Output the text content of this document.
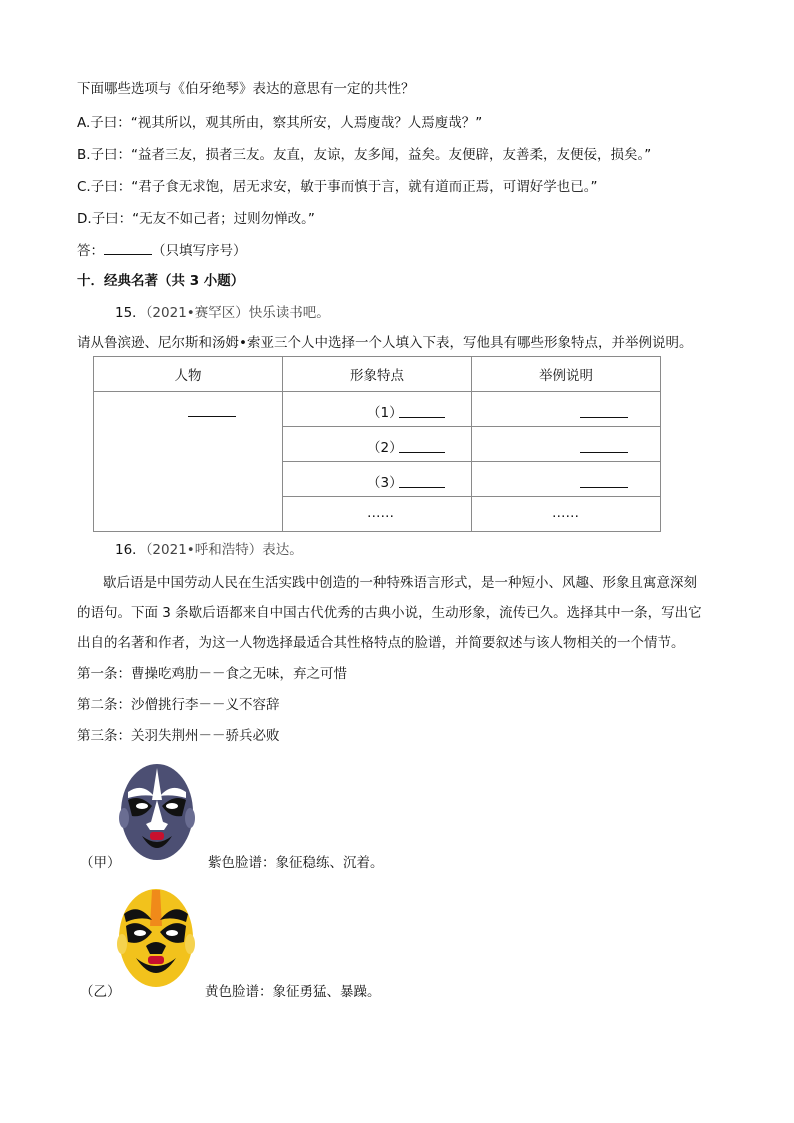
下面哪些选项与《伯牙绝琴》表达的意思有一定的共性？
A.子曰：“视其所以，观其所由，察其所安，人焉廋哉？人焉廋哉？”
B.子曰：“益者三友，损者三友。友直，友谅，友多闻，益矣。友便辟，友善柔，友便佞，损矣。”
C.子曰：“君子食无求饱，居无求安，敏于事而慎于言，就有道而正焉，可谓好学也已。”
D.子曰：“无友不如己者；过则勿惮改。”
答：	（只填写序号）
十．经典名著（共 3 小题）
15．（2021•赛罕区）快乐读书吧。
请从鲁滨逊、尼尔斯和汤姆•索亚三个人中选择一个人填入下表，写他具有哪些形象特点，并举例说明。
人物	形象特点	举例说明

	（1）	

	（2）	

	（3）	

	……	……
16．（2021•呼和浩特）表达。
歇后语是中国劳动人民在生活实践中创造的一种特殊语言形式，是一种短小、风趣、形象且寓意深刻
的语句。下面 3 条歇后语都来自中国古代优秀的古典小说，生动形象，流传已久。选择其中一条，写出它
出自的名著和作者，为这一人物选择最适合其性格特点的脸谱，并简要叙述与该人物相关的一个情节。
第一条：曹操吃鸡肋－－食之无味，弃之可惜
第二条：沙僧挑行李－－义不容辞
第三条：关羽失荆州－－骄兵必败
（甲）	紫色脸谱：象征稳练、沉着。
（乙）	黄色脸谱：象征勇猛、暴躁。
